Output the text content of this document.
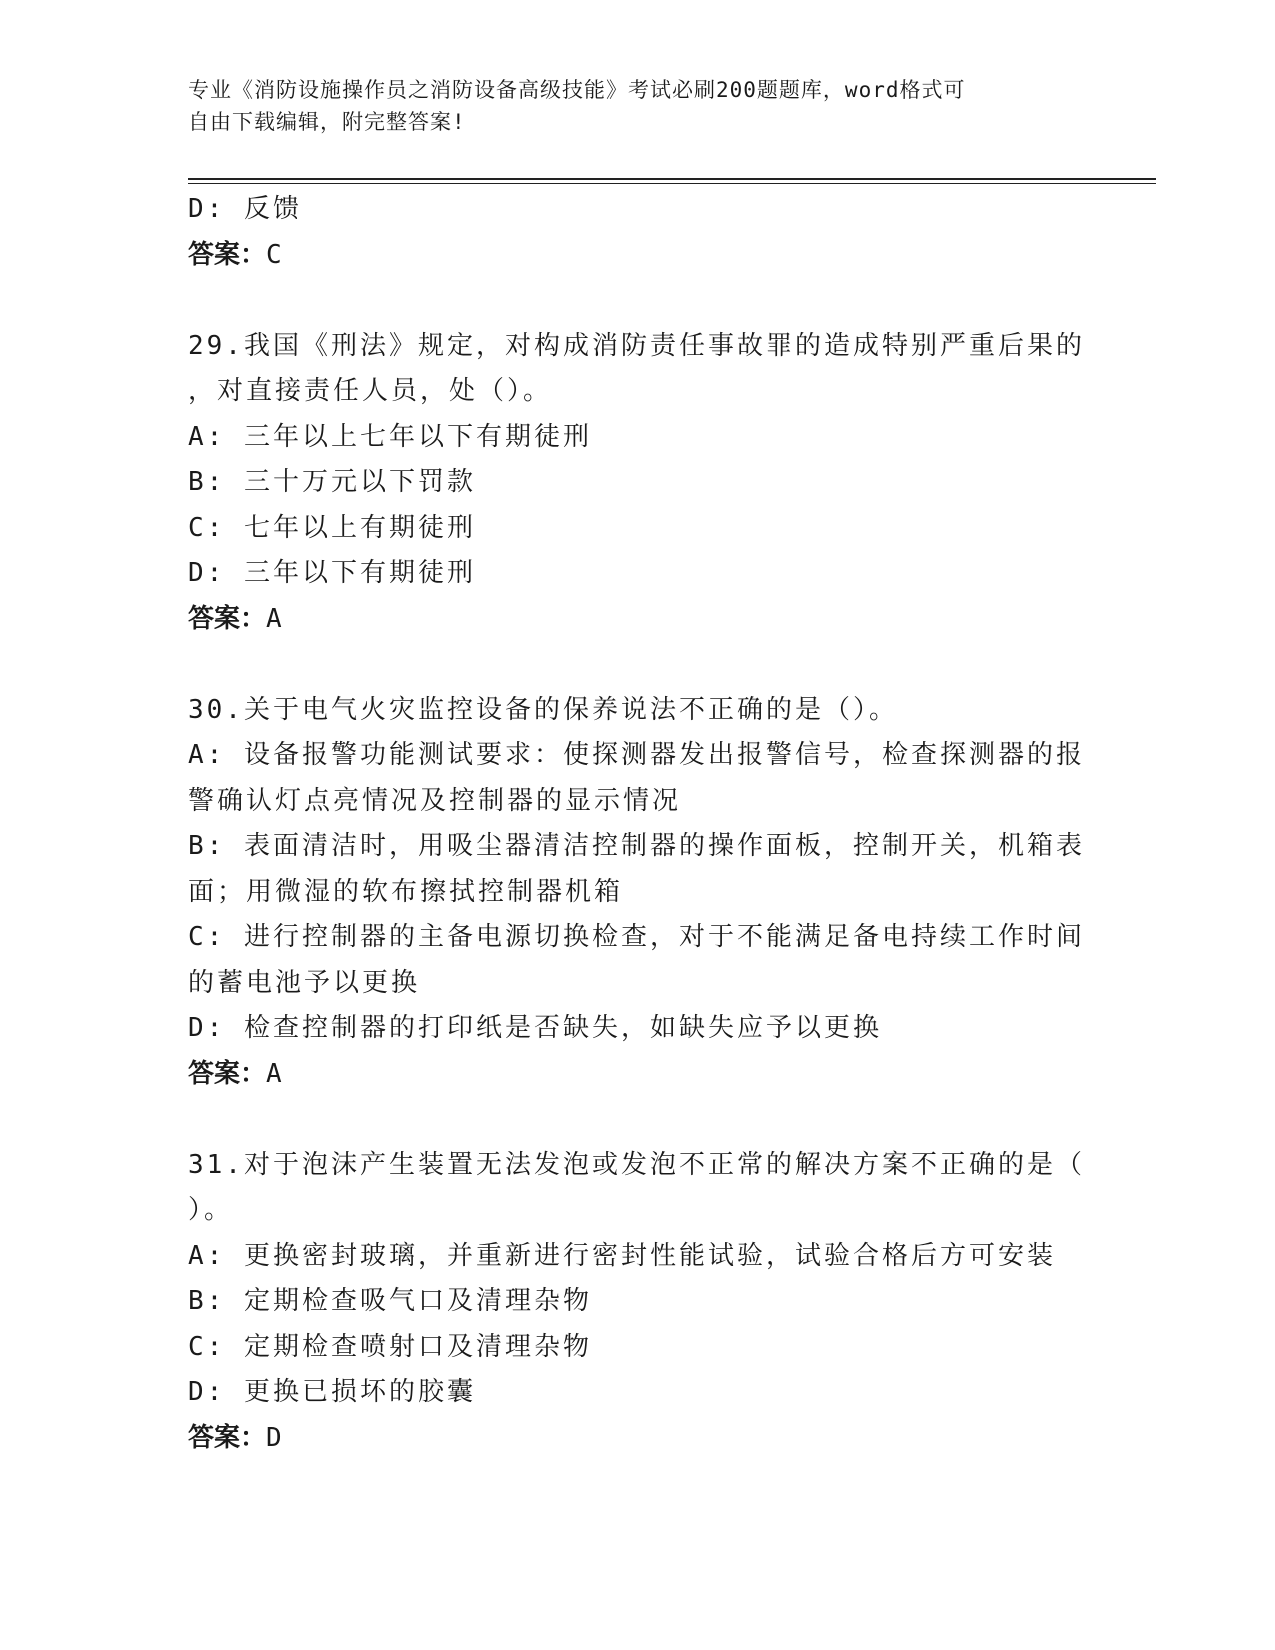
专业《消防设施操作员之消防设备高级技能》考试必刷200题题库，word格式可
自由下载编辑，附完整答案!

D: 反馈

答案：C

29.我国《刑法》规定，对构成消防责任事故罪的造成特别严重后果的

，对直接责任人员，处（）。

A: 三年以上七年以下有期徒刑

B: 三十万元以下罚款

C: 七年以上有期徒刑

D: 三年以下有期徒刑

答案：A

30.关于电气火灾监控设备的保养说法不正确的是（）。

A: 设备报警功能测试要求：使探测器发出报警信号，检查探测器的报

警确认灯点亮情况及控制器的显示情况

B: 表面清洁时，用吸尘器清洁控制器的操作面板，控制开关，机箱表

面；用微湿的软布擦拭控制器机箱

C: 进行控制器的主备电源切换检查，对于不能满足备电持续工作时间

的蓄电池予以更换

D: 检查控制器的打印纸是否缺失，如缺失应予以更换

答案：A

31.对于泡沫产生装置无法发泡或发泡不正常的解决方案不正确的是（

）。

A: 更换密封玻璃，并重新进行密封性能试验，试验合格后方可安装

B: 定期检查吸气口及清理杂物

C: 定期检查喷射口及清理杂物

D: 更换已损坏的胶囊

答案：D
